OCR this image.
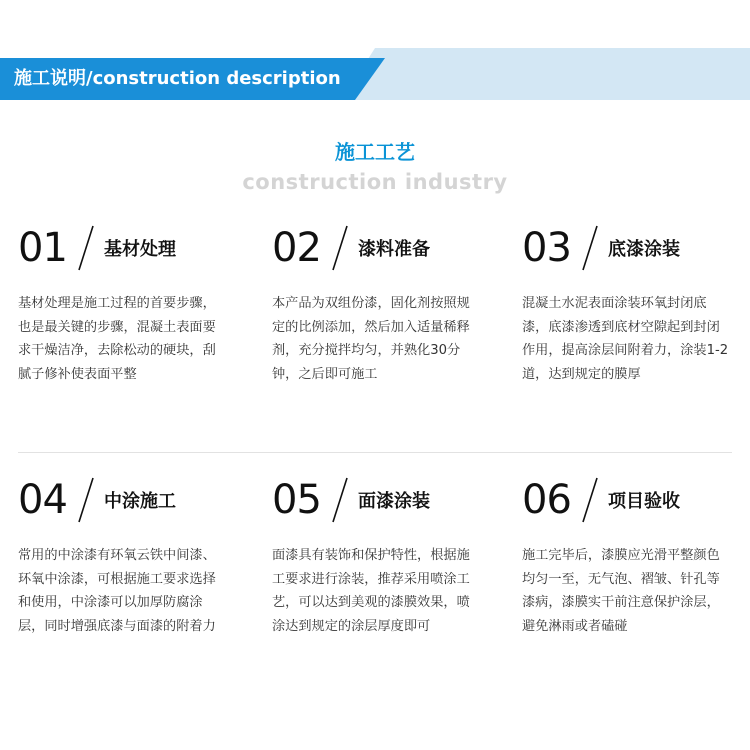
施工说明/construction description
施工工艺
construction industry
01 基材处理
基材处理是施工过程的首要步骤，也是最关键的步骤，混凝土表面要求干燥洁净，去除松动的硬块，刮腻子修补使表面平整
02 漆料准备
本产品为双组份漆，固化剂按照规定的比例添加，然后加入适量稀释剂，充分搅拌均匀，并熟化30分钟，之后即可施工
03 底漆涂装
混凝土水泥表面涂装环氧封闭底漆，底漆渗透到底材空隙起到封闭作用，提高涂层间附着力，涂装1-2道，达到规定的膜厚
04 中涂施工
常用的中涂漆有环氧云铁中间漆、环氧中涂漆，可根据施工要求选择和使用，中涂漆可以加厚防腐涂层，同时增强底漆与面漆的附着力
05 面漆涂装
面漆具有装饰和保护特性，根据施工要求进行涂装，推荐采用喷涂工艺，可以达到美观的漆膜效果，喷涂达到规定的涂层厚度即可
06 项目验收
施工完毕后，漆膜应光滑平整颜色均匀一至，无气泡、褶皱、针孔等漆病，漆膜实干前注意保护涂层，避免淋雨或者磕碰
